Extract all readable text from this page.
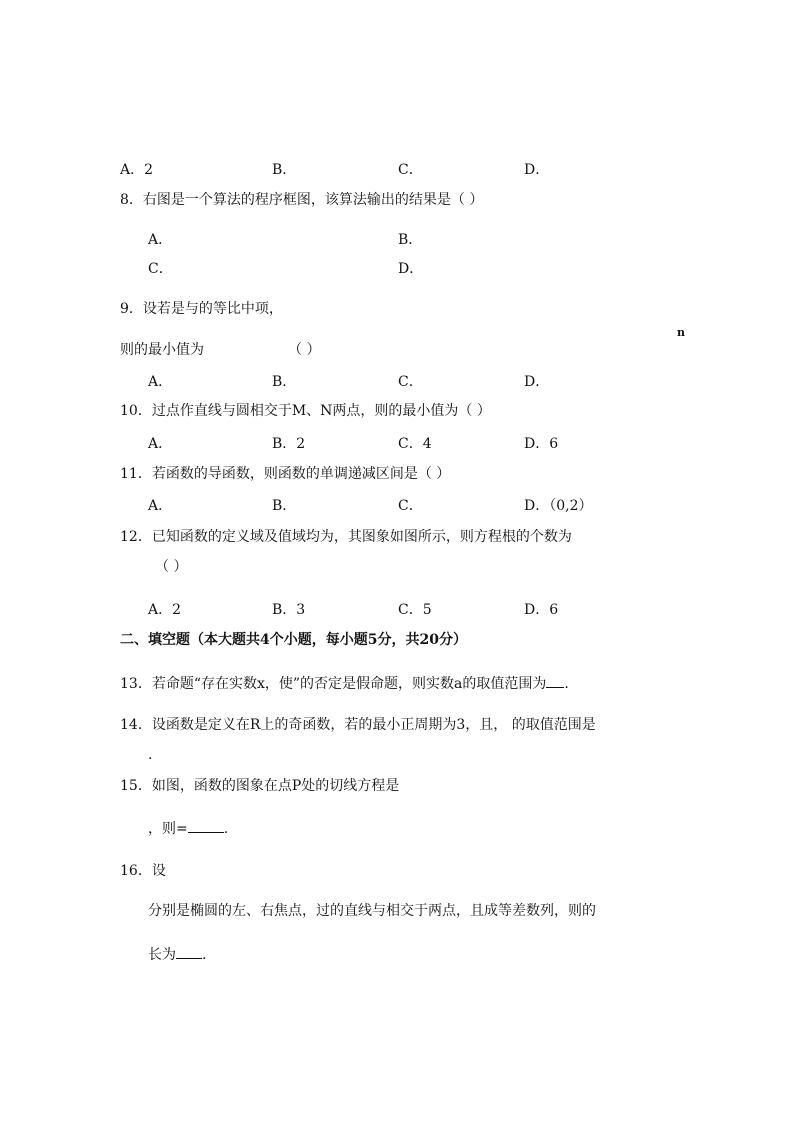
A．2	B．	C．	D．
8．右图是一个算法的程序框图，该算法输出的结果是（ ）
A．	B．
C．	D．
9．设若是与的等比中项，
n
则的最小值为	（ ）
A．	B．	C．	D．
10．过点作直线与圆相交于M、N两点，则的最小值为（ ）
A．	B．2	C．4	D．6
11．若函数的导函数，则函数的单调递减区间是（ ）
A．	B．	C．	D．（0,2）
12．已知函数的定义域及值域均为，其图象如图所示，则方程根的个数为
（ ）
A．2	B．3	C．5	D．6
二、填空题（本大题共4个小题，每小题5分，共20分）
13．若命题“存在实数x，使”的否定是假命题，则实数a的取值范围为 .
14．设函数是定义在R上的奇函数，若的最小正周期为3，且， 的取值范围是
.
15．如图，函数的图象在点P处的切线方程是
，则=	.
16．设
分别是椭圆的左、右焦点，过的直线与相交于两点，且成等差数列，则的
长为 .
